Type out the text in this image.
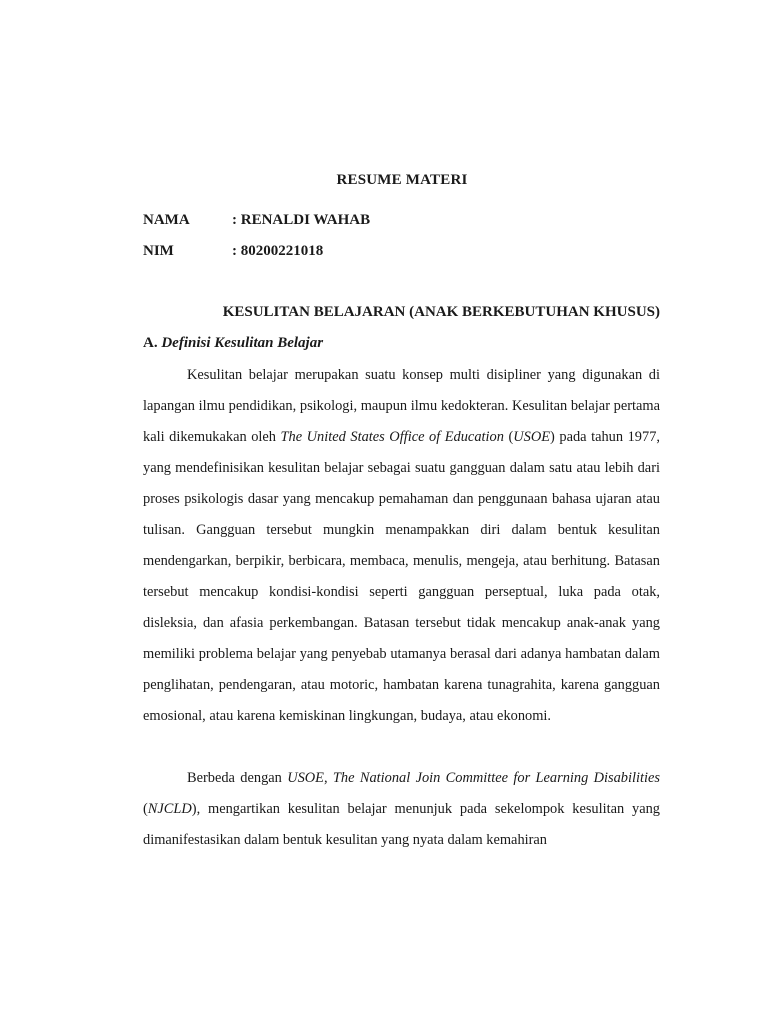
RESUME MATERI
NAMA	: RENALDI WAHAB
NIM	: 80200221018
KESULITAN BELAJARAN (ANAK BERKEBUTUHAN KHUSUS)
A. Definisi Kesulitan Belajar

Kesulitan belajar merupakan suatu konsep multi disipliner yang digunakan di lapangan ilmu pendidikan, psikologi, maupun ilmu kedokteran. Kesulitan belajar pertama kali dikemukakan oleh The United States Office of Education (USOE) pada tahun 1977, yang mendefinisikan kesulitan belajar sebagai suatu gangguan dalam satu atau lebih dari proses psikologis dasar yang mencakup pemahaman dan penggunaan bahasa ujaran atau tulisan. Gangguan tersebut mungkin menampakkan diri dalam bentuk kesulitan mendengarkan, berpikir, berbicara, membaca, menulis, mengeja, atau berhitung. Batasan tersebut mencakup kondisi-kondisi seperti gangguan perseptual, luka pada otak, disleksia, dan afasia perkembangan. Batasan tersebut tidak mencakup anak-anak yang memiliki problema belajar yang penyebab utamanya berasal dari adanya hambatan dalam penglihatan, pendengaran, atau motoric, hambatan karena tunagrahita, karena gangguan emosional, atau karena kemiskinan lingkungan, budaya, atau ekonomi.

Berbeda dengan USOE, The National Join Committee for Learning Disabilities (NJCLD), mengartikan kesulitan belajar menunjuk pada sekelompok kesulitan yang dimanifestasikan dalam bentuk kesulitan yang nyata dalam kemahiran
